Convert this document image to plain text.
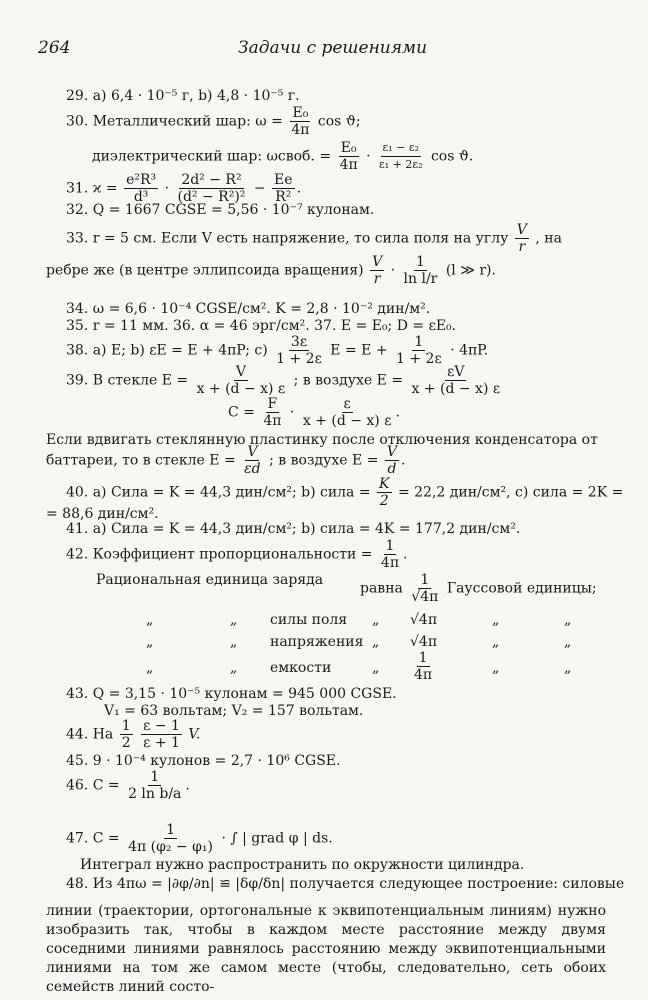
264	Задачи с решениями
29. a) 6,4 · 10⁻⁵ г, b) 4,8 · 10⁻⁵ г.
30. Металлический шар: $\omega = \frac{\text{E₀}}{4\pi}$ cos ϑ;
диэлектрический шар: ωсвоб. = $\frac{\text{E₀}}{4\pi} \cdot \frac{\text{ε₁ − ε₂}}{\text{ε₁ + 2ε₂}}$ cos ϑ.
31. $ϰ = \frac{\text{e²R³}}{\text{d³}} \cdot \frac{\text{2d² − R²}}{\text{(d² − R²)²}} - \frac{Ee}{\text{R²}}$ .
32. Q = 1667 CGSE = 5,56 · 10⁻⁷ кулонам.
33. r = 5 см. Если V есть напряжение, то сила поля на углу $\frac{V}{r}$ , на
ребре же (в центре эллипсоида вращения) $\frac{V}{r} \cdot \frac{1}{\text{ln l/r}} (l$ ≫ r).
34. ω = 6,6 · 10⁻⁴ CGSE/см². K = 2,8 · 10⁻² дин/м².
35. r = 11 мм. 36. α = 46 эрг/см². 37. E = E₀; D = εE₀.
38. a) E; b) εE = E + 4πP; $c) \frac{3\varepsilon}{1 + 2\varepsilon}$ $E = E + \frac{1}{1 + 2\varepsilon} \cdot 4\pi P$.
39. В стекле $E = \frac{V}{x + (d - x) \varepsilon}$ ; в воздухе $E = \frac{\varepsilon V}{x + (d - x) \varepsilon}$
$C = \frac{F}{4\pi} \cdot \frac{\varepsilon}{x + (d - x) \varepsilon}$ .
Если вдвигать стеклянную пластинку после отключения конденсатора от
баттареи, то в стекле $E = \frac{V}{\varepsilon d}$ ; в воздухе $E = \frac{V}{d}$ .
40. a) Сила = K = 44,3 дин/см²; b) сила = $\frac{K}{2} = 22,2$ дин/см², c) сила = 2K =
= 88,6 дин/см².
41. a) Сила = K = 44,3 дин/см²; b) сила = 4K = 177,2 дин/см².
42. Коэффициент пропорциональности = $\frac{1}{4\pi}$ .
Рациональная единица заряда
равна $\frac{1}{√4\pi}$ Гауссовой единицы;
„	„ силы поля „ √4π	„	„
„	„ напряжения „ √4π	„	„
„	„ емкости	„ $\frac{1}{4\pi}$	„	„
43. Q = 3,15 · 10⁻⁵ кулонам = 945 000 CGSE.
V₁ = 63 вольтам; V₂ = 157 вольтам.
44. На $\frac{1}{2}$
$\frac{\varepsilon - 1}{\varepsilon + 1} V$.
45. 9 · 10⁻⁴ кулонов = 2,7 · 10⁶ CGSE.
46. $C = \frac{1}{\text{2 ln b/a}}$ .
47. $C = \frac{1}{\text{4π (φ₂ − φ₁)}}$ · ∫ | grad φ | ds.
Интеграл нужно распространить по окружности цилиндра.
48. Из 4πω = |∂φ/∂n| ≌ |δφ/δn| получается следующее построение: силовые
линии (траектории, ортогональные к эквипотенциальным линиям) нужно изобразить так, чтобы в каждом месте расстояние между двумя соседними линиями равнялось расстоянию между эквипотенциальными линиями на том же самом месте (чтобы, следовательно, сеть обоих семейств линий состо-
